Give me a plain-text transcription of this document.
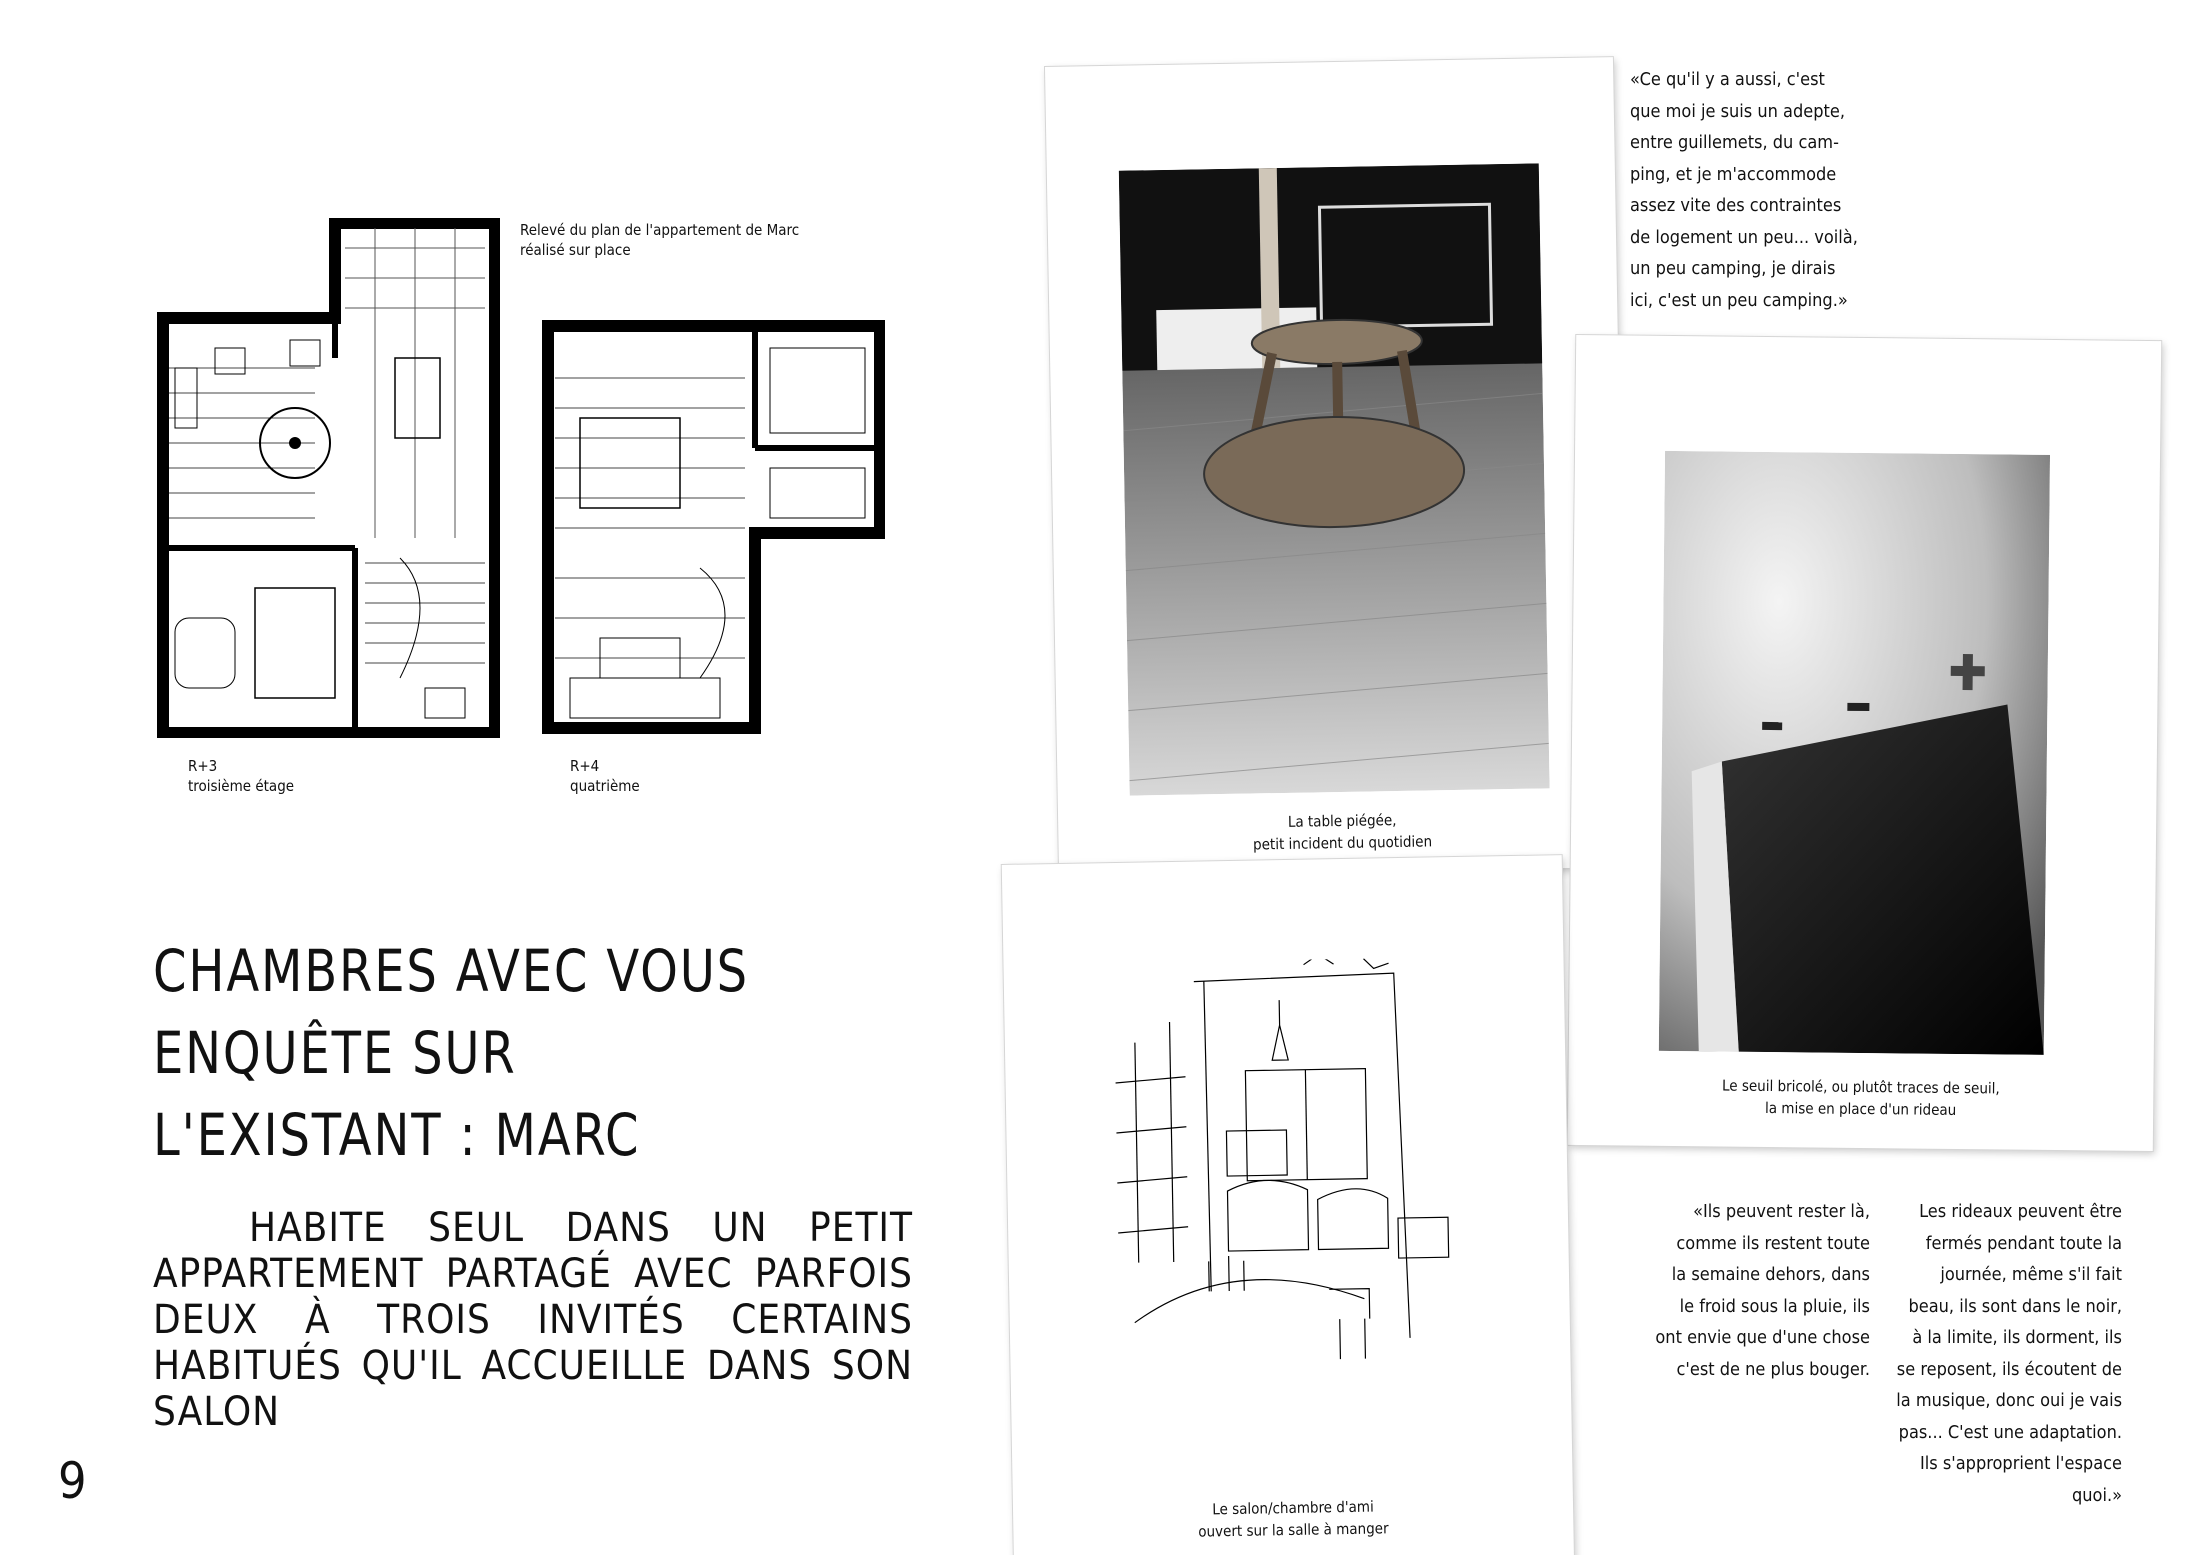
Relevé du plan de l'appartement de Marc
réalisé sur place
R+3
troisième étage
R+4
quatrième
CHAMBRES AVEC VOUS
ENQUÊTE SUR
L'EXISTANT : MARC
HABITE SEUL DANS UN PETIT APPARTEMENT PARTAGÉ AVEC PARFOIS DEUX À TROIS INVITÉS CERTAINS HABITUÉS QU'IL ACCUEILLE DANS SON SALON
9
La table piégée,
petit incident du quotidien
«Ce qu'il y a aussi, c'est
que moi je suis un adepte,
entre guillemets, du cam-
ping, et je m'accommode
assez vite des contraintes
de logement un peu... voilà,
un peu camping, je dirais
ici, c'est un peu camping.»
Le seuil bricolé, ou plutôt traces de seuil,
la mise en place d'un rideau
Le salon/chambre d'ami
ouvert sur la salle à manger
«Ils peuvent rester là,
comme ils restent toute
la semaine dehors, dans
le froid sous la pluie, ils
ont envie que d'une chose
c'est de ne plus bouger.
Les rideaux peuvent être
fermés pendant toute la
journée, même s'il fait
beau, ils sont dans le noir,
à la limite, ils dorment, ils
se reposent, ils écoutent de
la musique, donc oui je vais
pas... C'est une adaptation.
Ils s'approprient l'espace
quoi.»
